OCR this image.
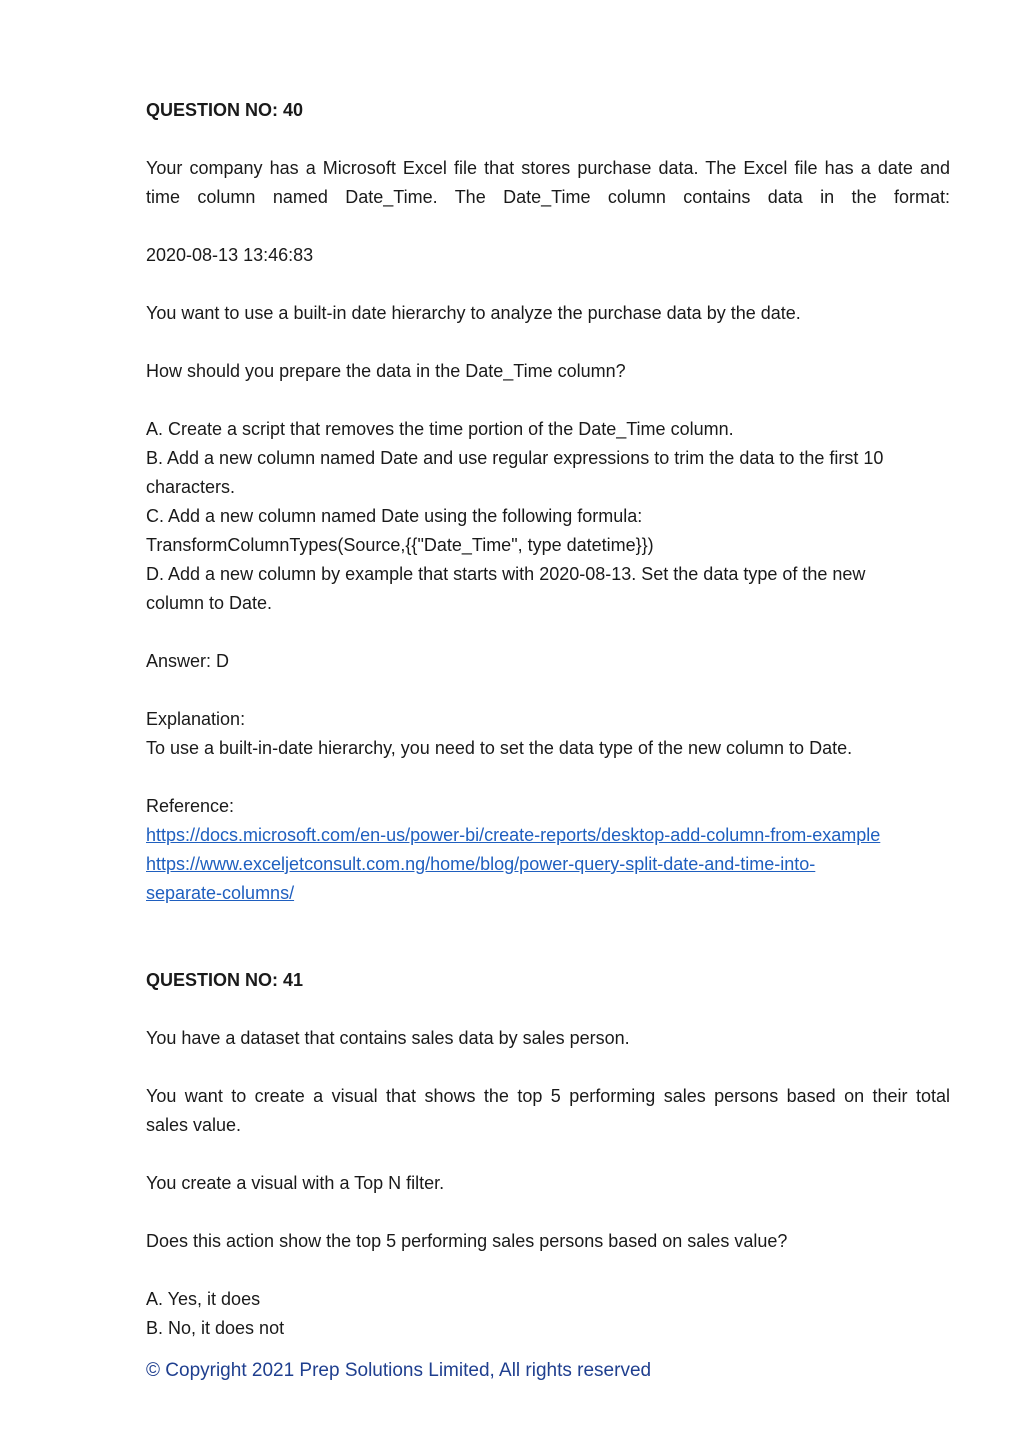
QUESTION NO: 40

Your company has a Microsoft Excel file that stores purchase data. The Excel file has a date and

time column named Date_Time. The Date_Time column contains data in the format:

2020-08-13 13:46:83

You want to use a built-in date hierarchy to analyze the purchase data by the date.

How should you prepare the data in the Date_Time column?

A. Create a script that removes the time portion of the Date_Time column.

B. Add a new column named Date and use regular expressions to trim the data to the first 10

characters.

C. Add a new column named Date using the following formula:

TransformColumnTypes(Source,{{"Date_Time", type datetime}})

D. Add a new column by example that starts with 2020-08-13. Set the data type of the new

column to Date.

Answer: D

Explanation:

To use a built-in-date hierarchy, you need to set the data type of the new column to Date.

Reference:

https://docs.microsoft.com/en-us/power-bi/create-reports/desktop-add-column-from-example
https://www.exceljetconsult.com.ng/home/blog/power-query-split-date-and-time-into-
separate-columns/

QUESTION NO: 41

You have a dataset that contains sales data by sales person.

You want to create a visual that shows the top 5 performing sales persons based on their total

sales value.

You create a visual with a Top N filter.

Does this action show the top 5 performing sales persons based on sales value?

A. Yes, it does

B. No, it does not

© Copyright 2021 Prep Solutions Limited, All rights reserved
